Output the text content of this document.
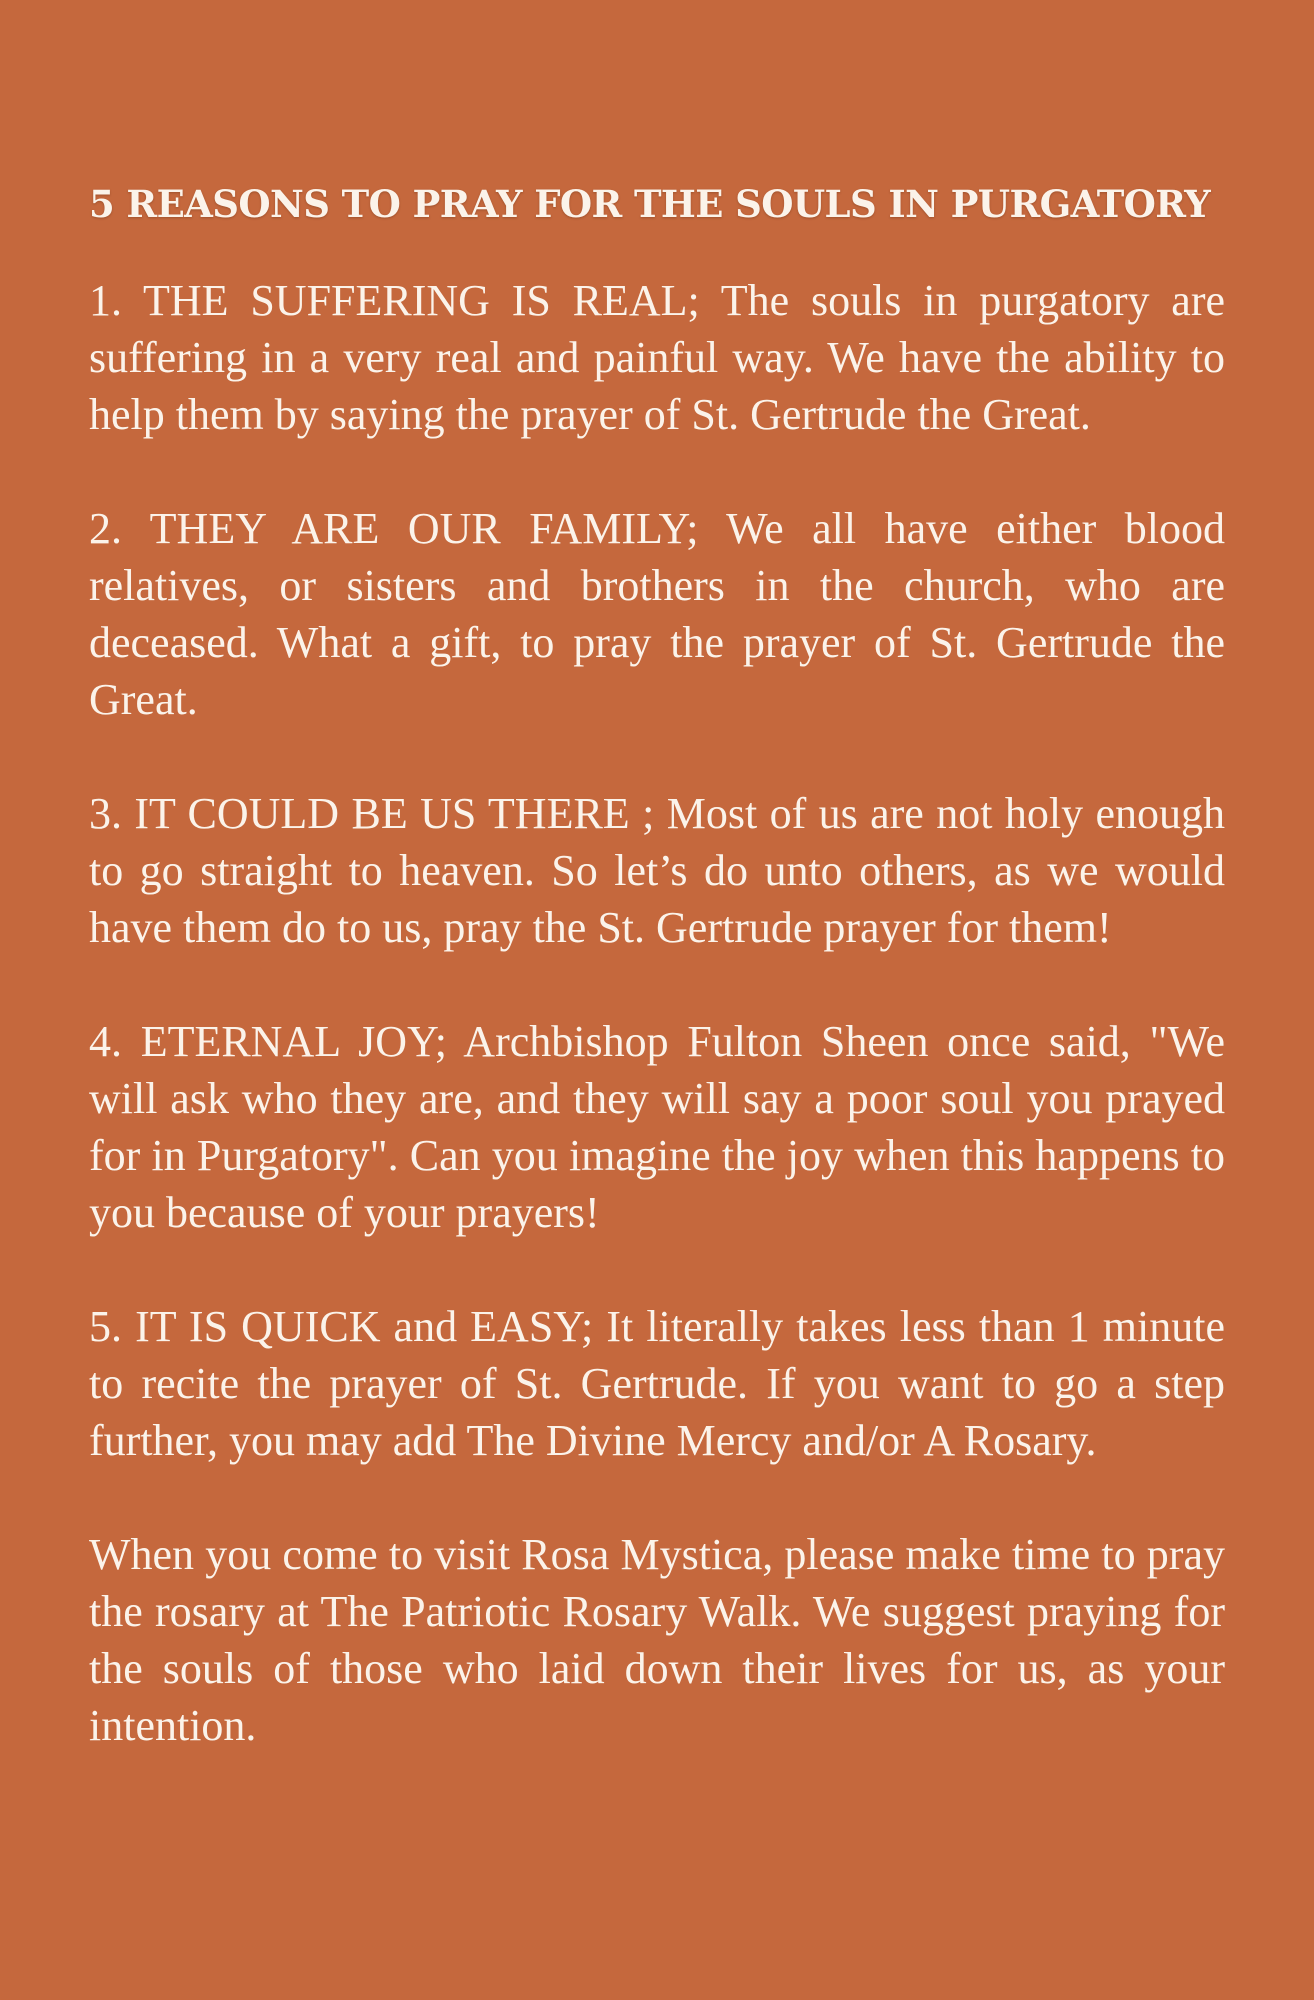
5 REASONS TO PRAY FOR THE SOULS IN PURGATORY

1. THE SUFFERING IS REAL; The souls in purgatory are suffering in a very real and painful way. We have the ability to help them by saying the prayer of St. Gertrude the Great.

2. THEY ARE OUR FAMILY; We all have either blood relatives, or sisters and brothers in the church, who are deceased. What a gift, to pray the prayer of St. Gertrude the Great.

3. IT COULD BE US THERE ; Most of us are not holy enough to go straight to heaven. So let’s do unto others, as we would have them do to us, pray the St. Gertrude prayer for them!

4. ETERNAL JOY; Archbishop Fulton Sheen once said, "We will ask who they are, and they will say a poor soul you prayed for in Purgatory". Can you imagine the joy when this happens to you because of your prayers!

5. IT IS QUICK and EASY; It literally takes less than 1 minute to recite the prayer of St. Gertrude. If you want to go a step further, you may add The Divine Mercy and/or A Rosary.

When you come to visit Rosa Mystica, please make time to pray the rosary at The Patriotic Rosary Walk. We suggest praying for the souls of those who laid down their lives for us, as your intention.
